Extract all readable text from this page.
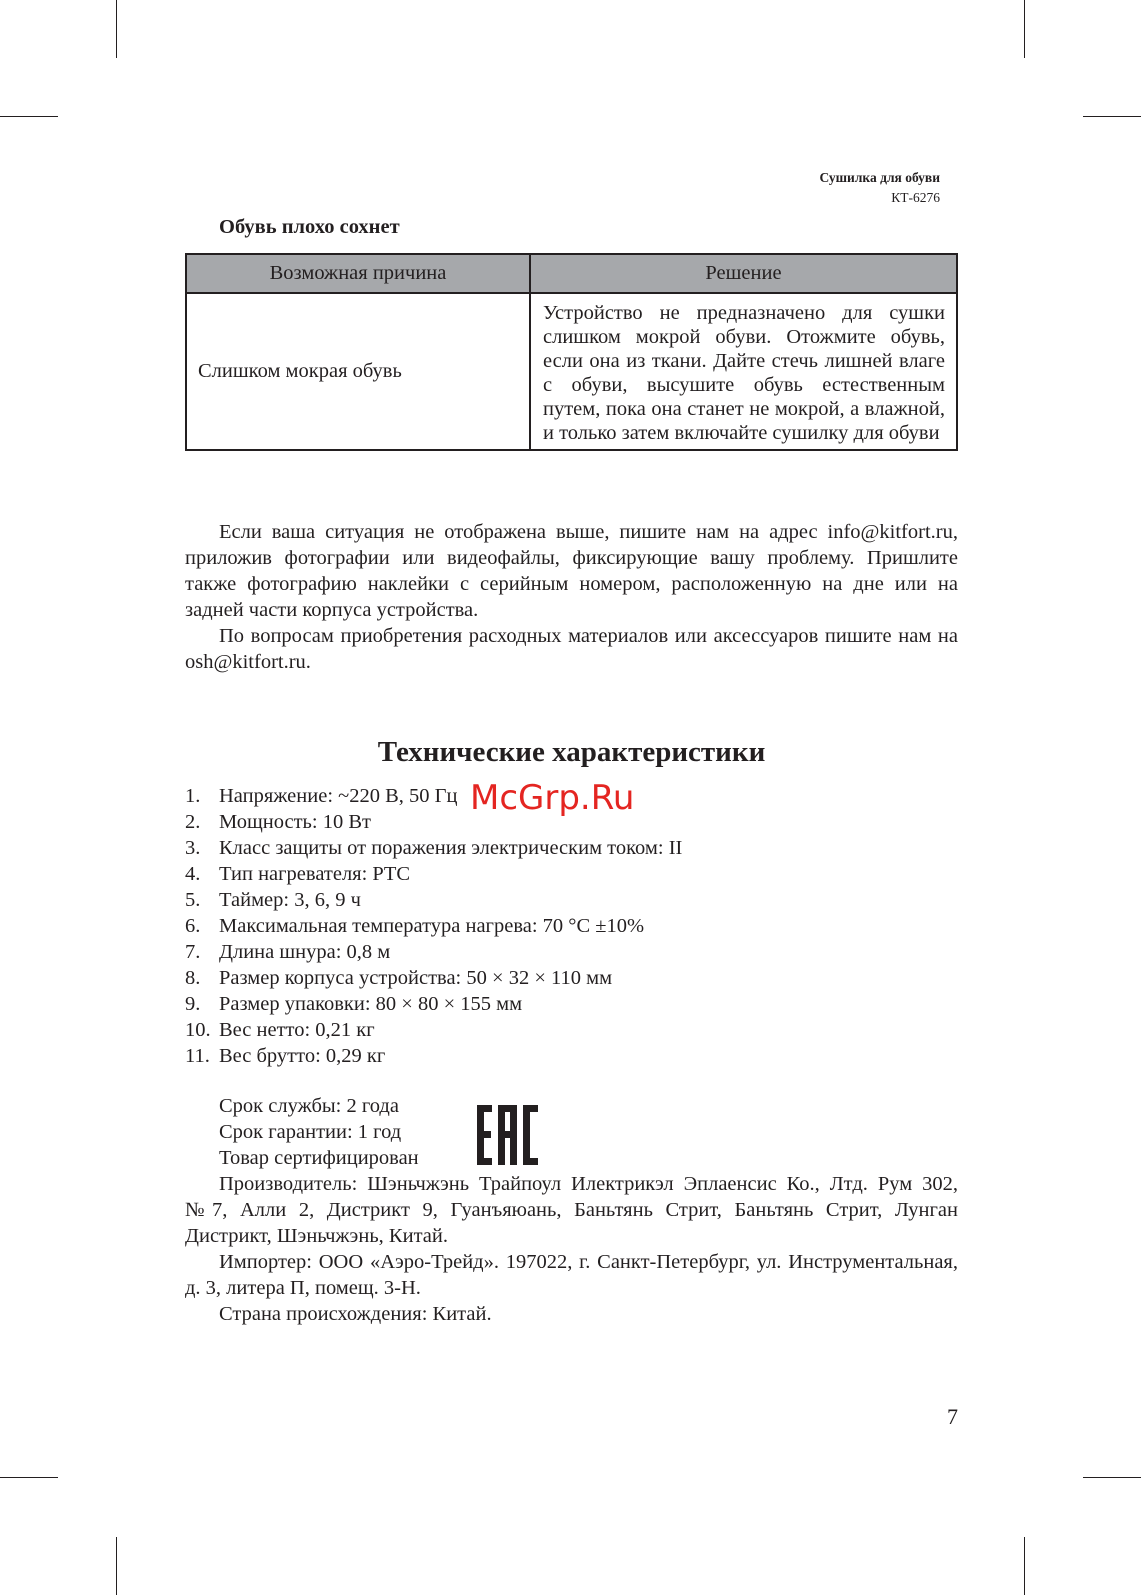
Сушилка для обуви
КТ-6276
Обувь плохо сохнет
Возможная причина	Решение
Слишком мокрая обувь	Устройство не предназначено для сушки слишком мокрой обуви. Отожмите обувь, если она из ткани. Дайте стечь лишней влаге с обуви, высушите обувь естественным путем, пока она станет не мокрой, а влажной, и только затем включайте сушилку для обуви

Если ваша ситуация не отображена выше, пишите нам на адрес info@kitfort.ru, приложив фотографии или видеофайлы, фиксирующие вашу проблему. Пришлите также фотографию наклейки с серийным номером, расположенную на дне или на задней части корпуса устройства.

По вопросам приобретения расходных материалов или аксессуаров пишите нам на osh@kitfort.ru.

Технические характеристики
1. Напряжение: ~220 В, 50 Гц
2. Мощность: 10 Вт
3. Класс защиты от поражения электрическим током: II
4. Тип нагревателя: PTC
5. Таймер: 3, 6, 9 ч
6. Максимальная температура нагрева: 70 °C ±10%
7. Длина шнура: 0,8 м
8. Размер корпуса устройства: 50 × 32 × 110 мм
9. Размер упаковки: 80 × 80 × 155 мм
10. Вес нетто: 0,21 кг
11. Вес брутто: 0,29 кг
Срок службы: 2 года
Срок гарантии: 1 год
Товар сертифицирован

Производитель: Шэньчжэнь Трайпоул Илектрикэл Эплаенсис Ко., Лтд. Рум 302, №7, Алли 2, Дистрикт 9, Гуанъяюань, Баньтянь Стрит, Баньтянь Стрит, Лунган Дистрикт, Шэньчжэнь, Китай.

Импортер: ООО «Аэро-Трейд». 197022, г. Санкт-Петербург, ул. Инструментальная, д. 3, литера П, помещ. 3-Н.

Страна происхождения: Китай.

McGrp.Ru
7
